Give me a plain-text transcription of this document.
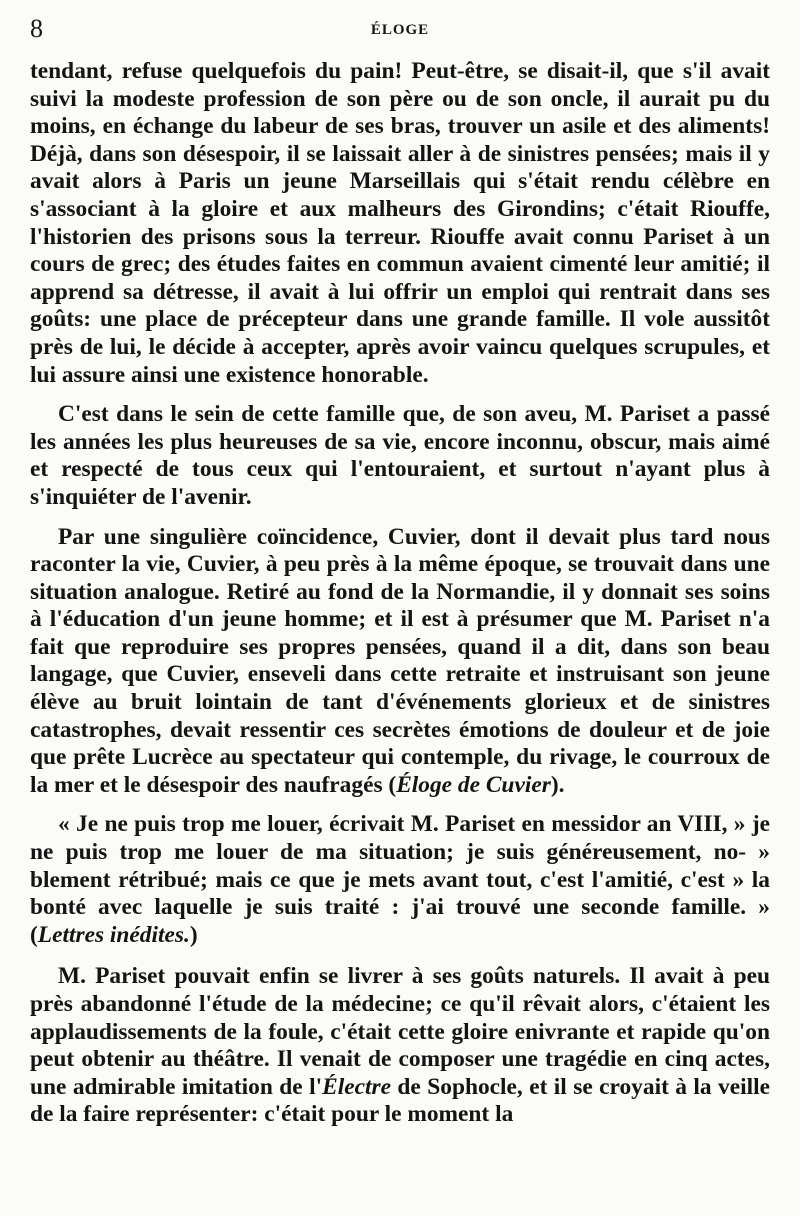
8	ÉLOGE

tendant, refuse quelquefois du pain! Peut-être, se disait-il, que s'il avait suivi la modeste profession de son père ou de son oncle, il aurait pu du moins, en échange du labeur de ses bras, trouver un asile et des aliments! Déjà, dans son désespoir, il se laissait aller à de sinistres pensées; mais il y avait alors à Paris un jeune Marseillais qui s'était rendu célèbre en s'associant à la gloire et aux malheurs des Girondins; c'était Riouffe, l'historien des prisons sous la terreur. Riouffe avait connu Pariset à un cours de grec; des études faites en commun avaient cimenté leur amitié; il apprend sa détresse, il avait à lui offrir un emploi qui rentrait dans ses goûts: une place de précepteur dans une grande famille. Il vole aussitôt près de lui, le décide à accepter, après avoir vaincu quelques scrupules, et lui assure ainsi une existence honorable.

C'est dans le sein de cette famille que, de son aveu, M. Pariset a passé les années les plus heureuses de sa vie, encore inconnu, obscur, mais aimé et respecté de tous ceux qui l'entouraient, et surtout n'ayant plus à s'inquiéter de l'avenir.

Par une singulière coïncidence, Cuvier, dont il devait plus tard nous raconter la vie, Cuvier, à peu près à la même époque, se trouvait dans une situation analogue. Retiré au fond de la Normandie, il y donnait ses soins à l'éducation d'un jeune homme; et il est à présumer que M. Pariset n'a fait que reproduire ses propres pensées, quand il a dit, dans son beau langage, que Cuvier, enseveli dans cette retraite et instruisant son jeune élève au bruit lointain de tant d'événements glorieux et de sinistres catastrophes, devait ressentir ces secrètes émotions de douleur et de joie que prête Lucrèce au spectateur qui contemple, du rivage, le courroux de la mer et le désespoir des naufragés (Éloge de Cuvier).

« Je ne puis trop me louer, écrivait M. Pariset en messidor an VIII, » je ne puis trop me louer de ma situation; je suis généreusement, no- » blement rétribué; mais ce que je mets avant tout, c'est l'amitié, c'est » la bonté avec laquelle je suis traité : j'ai trouvé une seconde famille. » (Lettres inédites.)

M. Pariset pouvait enfin se livrer à ses goûts naturels. Il avait à peu près abandonné l'étude de la médecine; ce qu'il rêvait alors, c'étaient les applaudissements de la foule, c'était cette gloire enivrante et rapide qu'on peut obtenir au théâtre. Il venait de composer une tragédie en cinq actes, une admirable imitation de l'Électre de Sophocle, et il se croyait à la veille de la faire représenter: c'était pour le moment la
